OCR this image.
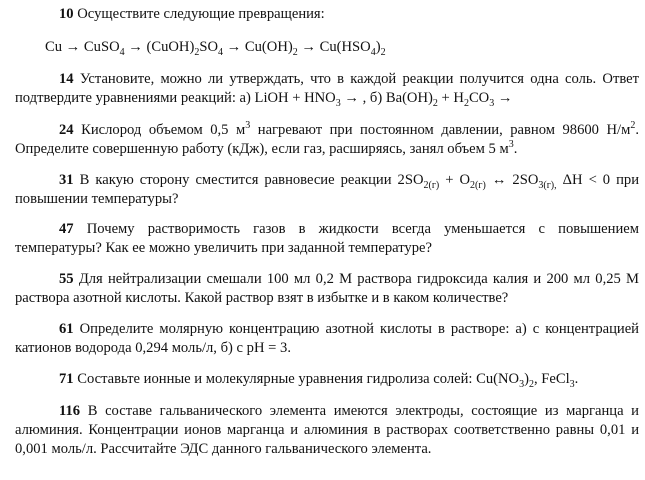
10 Осуществите следующие превращения:

Cu → CuSO$_4$ → $(CuOH)_2SO_4 \to Cu(OH)_2 \to Cu(HSO_4)_2$

14 Установите, можно ли утверждать, что в каждой реакции получится одна соль. Ответ подтвердите уравнениями реакций: а) LiOH + $HNO_3$ → , б) $Ba(OH)_2 + H_2CO_3$ →

24 Кислород объемом 0,5 $м^3$ нагревают при постоянном давлении, равном 98600 $Н/м^2$. Определите совершенную работу (кДж), если газ, расширяясь, занял объем 5 $м^3$.

31 В какую сторону сместится равновесие реакции $2SO_{2(г)} + O_{2(г)}$ ↔ $2SO_{3(г),}$ ΔH < 0 при повышении температуры?

47 Почему растворимость газов в жидкости всегда уменьшается с повышением температуры? Как ее можно увеличить при заданной температуре?

55 Для нейтрализации смешали 100 мл 0,2 М раствора гидроксида калия и 200 мл 0,25 М раствора азотной кислоты. Какой раствор взят в избытке и в каком количестве?

61 Определите молярную концентрацию азотной кислоты в растворе: а) с концентрацией катионов водорода 0,294 моль/л, б) с pH = 3.

71 Составьте ионные и молекулярные уравнения гидролиза солей: $Cu(NO_3)_2$, FeCl$_3$.

116 В составе гальванического элемента имеются электроды, состоящие из марганца и алюминия. Концентрации ионов марганца и алюминия в растворах соответственно равны 0,01 и 0,001 моль/л. Рассчитайте ЭДС данного гальванического элемента.
